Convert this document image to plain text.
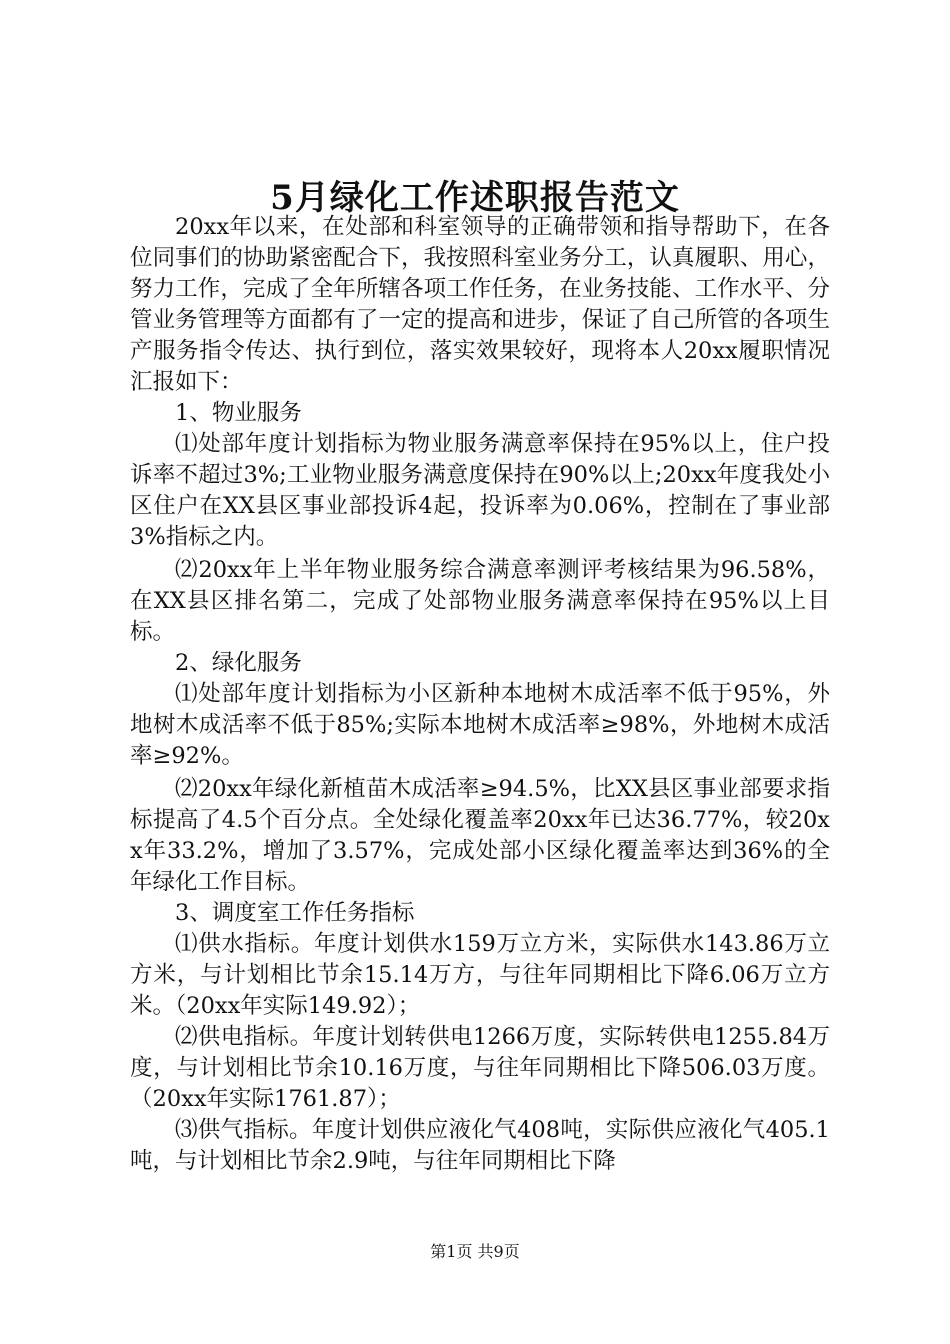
5月绿化工作述职报告范文

20xx年以来，在处部和科室领导的正确带领和指导帮助下，在各位同事们的协助紧密配合下，我按照科室业务分工，认真履职、用心，努力工作，完成了全年所辖各项工作任务，在业务技能、工作水平、分管业务管理等方面都有了一定的提高和进步，保证了自己所管的各项生产服务指令传达、执行到位，落实效果较好，现将本人20xx履职情况汇报如下：

1、物业服务

⑴处部年度计划指标为物业服务满意率保持在95%以上，住户投诉率不超过3%;工业物业服务满意度保持在90%以上;20xx年度我处小区住户在XX县区事业部投诉4起，投诉率为0.06%，控制在了事业部3%指标之内。

⑵20xx年上半年物业服务综合满意率测评考核结果为96.58%，在XX县区排名第二，完成了处部物业服务满意率保持在95%以上目标。

2、绿化服务

⑴处部年度计划指标为小区新种本地树木成活率不低于95%，外地树木成活率不低于85%;实际本地树木成活率≥98%，外地树木成活率≥92%。

⑵20xx年绿化新植苗木成活率≥94.5%，比XX县区事业部要求指标提高了4.5个百分点。全处绿化覆盖率20xx年已达36.77%，较20xx年33.2%，增加了3.57%，完成处部小区绿化覆盖率达到36%的全年绿化工作目标。

3、调度室工作任务指标

⑴供水指标。年度计划供水159万立方米，实际供水143.86万立方米，与计划相比节余15.14万方，与往年同期相比下降6.06万立方米。（20xx年实际149.92）；

⑵供电指标。年度计划转供电1266万度，实际转供电1255.84万度，与计划相比节余10.16万度，与往年同期相比下降506.03万度。（20xx年实际1761.87）；

⑶供气指标。年度计划供应液化气408吨，实际供应液化气405.1吨，与计划相比节余2.9吨，与往年同期相比下降

第1页 共9页
